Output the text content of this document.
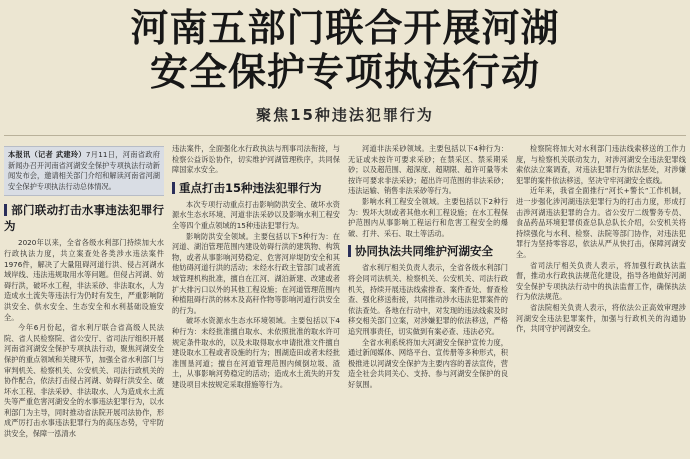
河南五部门联合开展河湖
安全保护专项执法行动
聚焦15种违法犯罪行为

本报讯（记者 武建玲）7月11日，河南省政府新闻办召开河南省河湖安全保护专项执法行动新闻发布会，邀请相关部门介绍和解读河南省河湖安全保护专项执法行动总体情况。

部门联动打击水事违法犯罪行为

2020年以来，全省各级水利部门持续加大水行政执法力度，共立案查处各类涉水违法案件1976件，解决了大量阻碍河道行洪、侵占河湖水域岸线、违法违规取用水等问题。但侵占河湖、妨碍行洪，破坏水工程，非法采砂、非法取水，人为造成水土流失等违法行为仍时有发生，严重影响防洪安全、供水安全、生态安全和水利基础设施安全。

今年6月份起，省水利厅联合省高级人民法院、省人民检察院、省公安厅、省司法厅组织开展河南省河湖安全保护专项执法行动，聚焦河湖安全保护的重点领域和关键环节，加强全省水利部门与审判机关、检察机关、公安机关、司法行政机关的协作配合，依法打击侵占河湖、妨碍行洪安全、破坏水工程、非法采砂、非法取水、人为造成水土流失等严重危害河湖安全的水事违法犯罪行为，以水利部门为主导，同时推动省法院开展司法协作，形成严厉打击水事违法犯罪行为的高压态势，守牢防洪安全，保障一泓清水

违法案件，全面强化水行政执法与刑事司法衔接，与检察公益诉讼协作，切实维护河湖管理秩序，共同保障国家水安全。

重点打击15种违法犯罪行为

本次专项行动重点打击影响防洪安全、破坏水资源水生态水环境、河道非法采砂以及影响水利工程安全等四个重点领域的15种违法犯罪行为。

影响防洪安全领域。主要包括以下5种行为：在河道、湖泊管理范围内建设妨碍行洪的建筑物、构筑物，或者从事影响河势稳定、危害河岸堤防安全和其他妨碍河道行洪的活动；未经水行政主管部门或者流域管理机构批准，擅自在江河、湖泊新建、改建或者扩大排污口以外的其他工程设施；在河道管理范围内种植阻碍行洪的林木及高秆作物等影响河道行洪安全的行为。

破坏水资源水生态水环境领域。主要包括以下4种行为：未经批准擅自取水、未依照批准的取水许可规定条件取水的，以及未取得取水申请批准文件擅自建设取水工程或者设施的行为；围湖造田或者未经批准围垦河道；擅自在河道管理范围内倾倒垃圾、渣土，从事影响河势稳定的活动；造成水土流失的开发建设项目未按规定采取措施等行为。

河道非法采砂领域。主要包括以下4种行为：无证或未按许可要求采砂；在禁采区、禁采期采砂；以及超范围、超深度、超期限、超许可量等未按许可要求非法采砂；超出许可范围的非法采砂；违法运输、销售非法采砂等行为。

影响水利工程安全领域。主要包括以下2种行为：毁坏大坝或者其他水利工程设施；在水工程保护范围内从事影响工程运行和危害工程安全的爆破、打井、采石、取土等活动。

协同执法共同维护河湖安全

省水利厅相关负责人表示，全省各级水利部门将会同司法机关、检察机关、公安机关、司法行政机关，持续开展违法线索排查、案件查处、督查检查、强化移送衔接，共同推动涉水违法犯罪案件的依法查处。各地在行动中，对发现的违法线索及时移交相关部门立案，对涉嫌犯罪的依法移送，严格追究刑事责任，切实做到有案必查、违法必究。

全省水利系统将加大河湖安全保护宣传力度，通过新闻媒体、网络平台、宣传册等多种形式，积极推进以河湖安全保护为主要内容的普法宣传，营造全社会共同关心、支持、参与河湖安全保护的良好氛围。

检察院将加大对水利部门违法线索移送的工作力度，与检察机关联动发力，对涉河湖安全违法犯罪线索依法立案调查，对违法犯罪行为依法惩处，对涉嫌犯罪的案件依法移送，坚决守牢河湖安全底线。

近年来，我省全面推行“河长+警长”工作机制，进一步强化涉河湖违法犯罪行为的打击力度，形成打击涉河湖违法犯罪的合力。省公安厅二级警务专员、食品药品环境犯罪侦查总队总队长介绍，公安机关将持续强化与水利、检察、法院等部门协作，对违法犯罪行为坚持零容忍，依法从严从快打击，保障河湖安全。

省司法厅相关负责人表示，将加强行政执法监督，推动水行政执法规范化建设，指导各地做好河湖安全保护专项执法行动中的执法监督工作，确保执法行为依法规范。

省法院相关负责人表示，将依法公正高效审理涉河湖安全违法犯罪案件，加强与行政机关的沟通协作，共同守护河湖安全。
